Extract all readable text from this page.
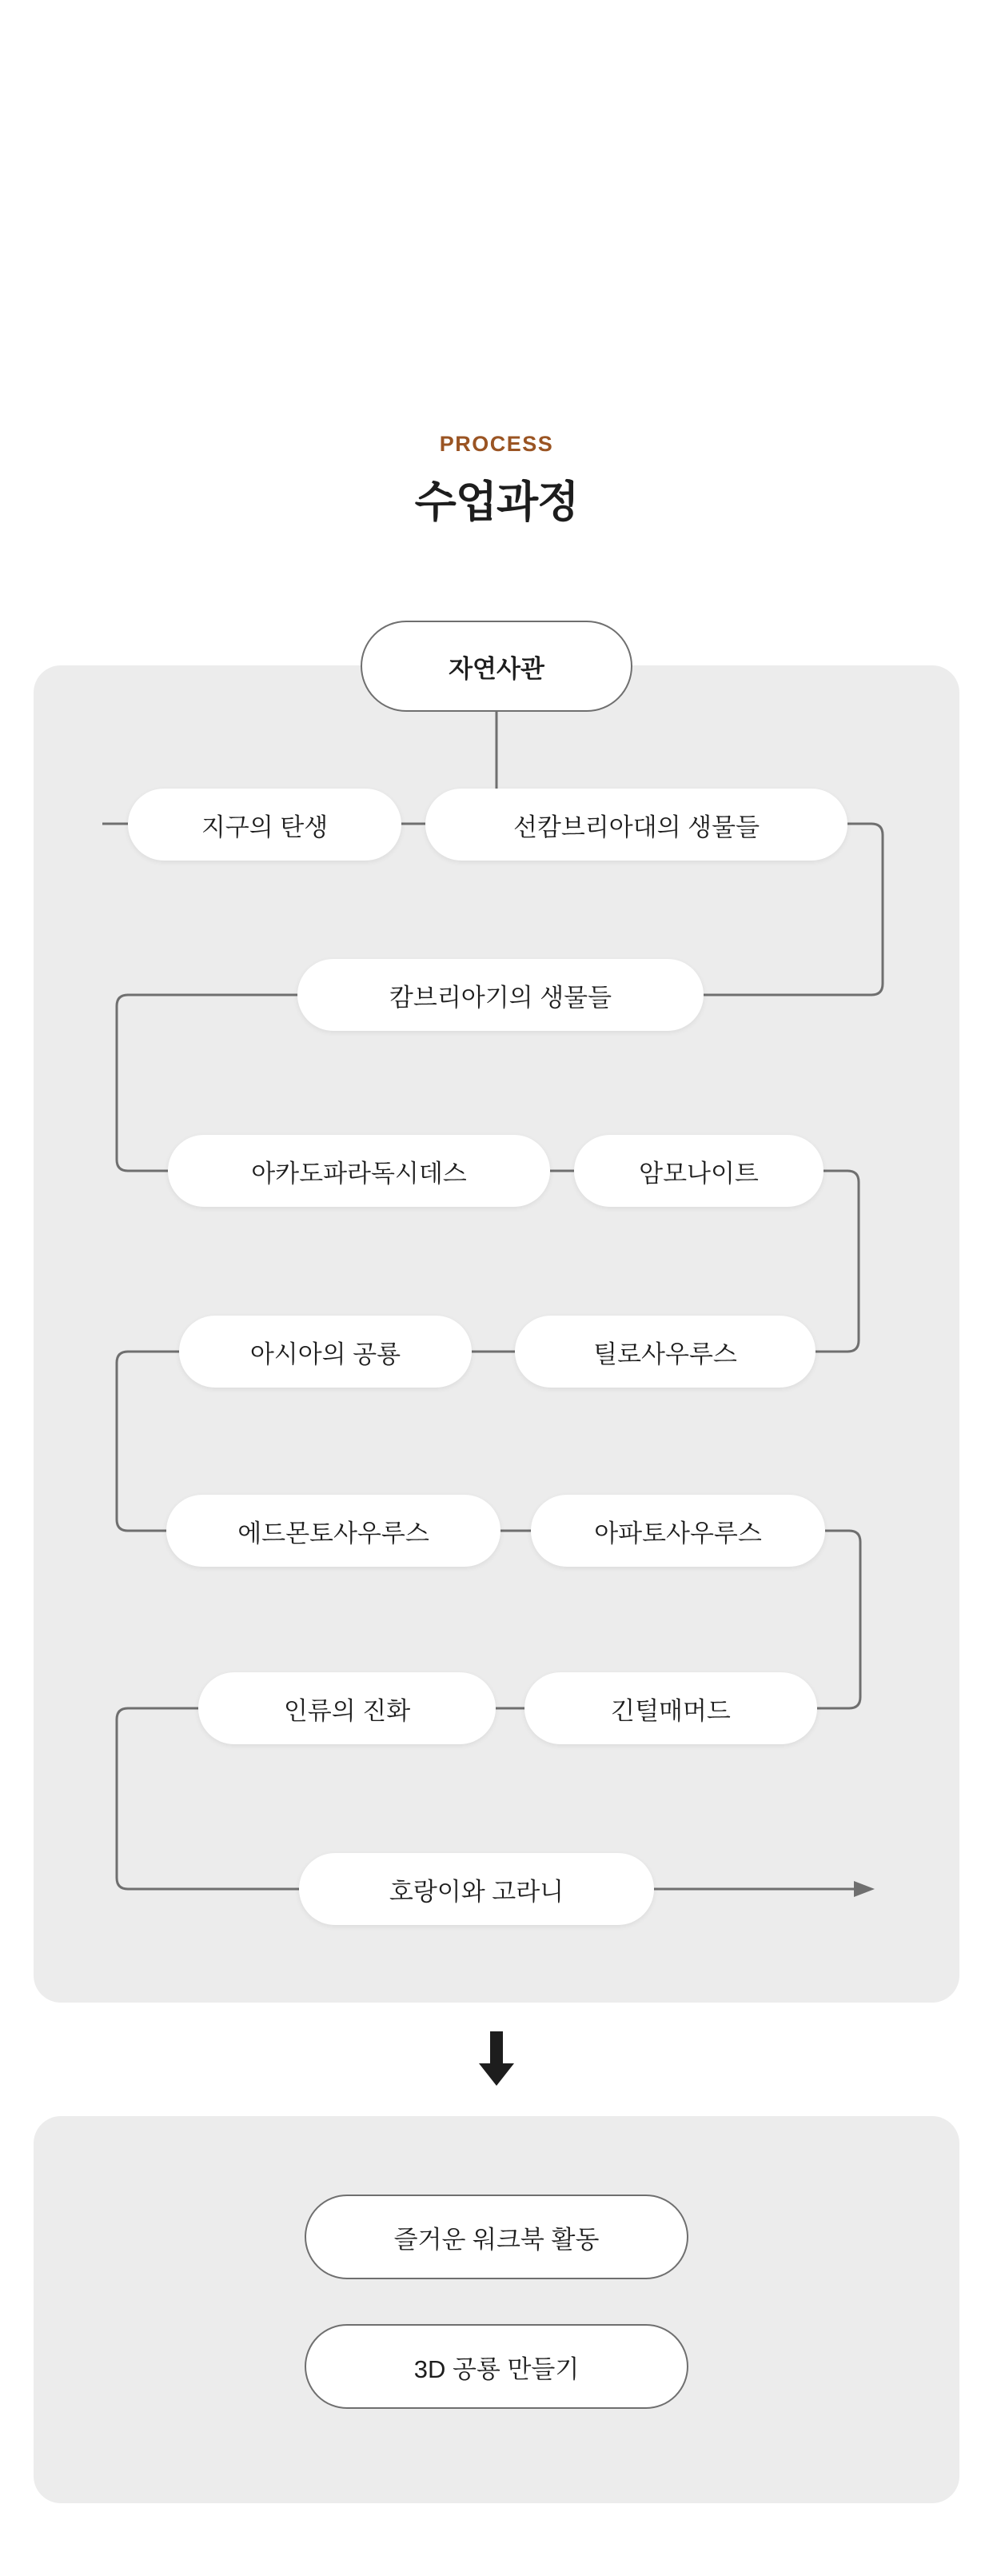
PROCESS
수업과정
자연사관
지구의 탄생	선캄브리아대의 생물들
캄브리아기의 생물들
아카도파라독시데스	암모나이트
아시아의 공룡	틸로사우루스
에드몬토사우루스	아파토사우루스
인류의 진화	긴털매머드
호랑이와 고라니
즐거운 워크북 활동
3D 공룡 만들기
